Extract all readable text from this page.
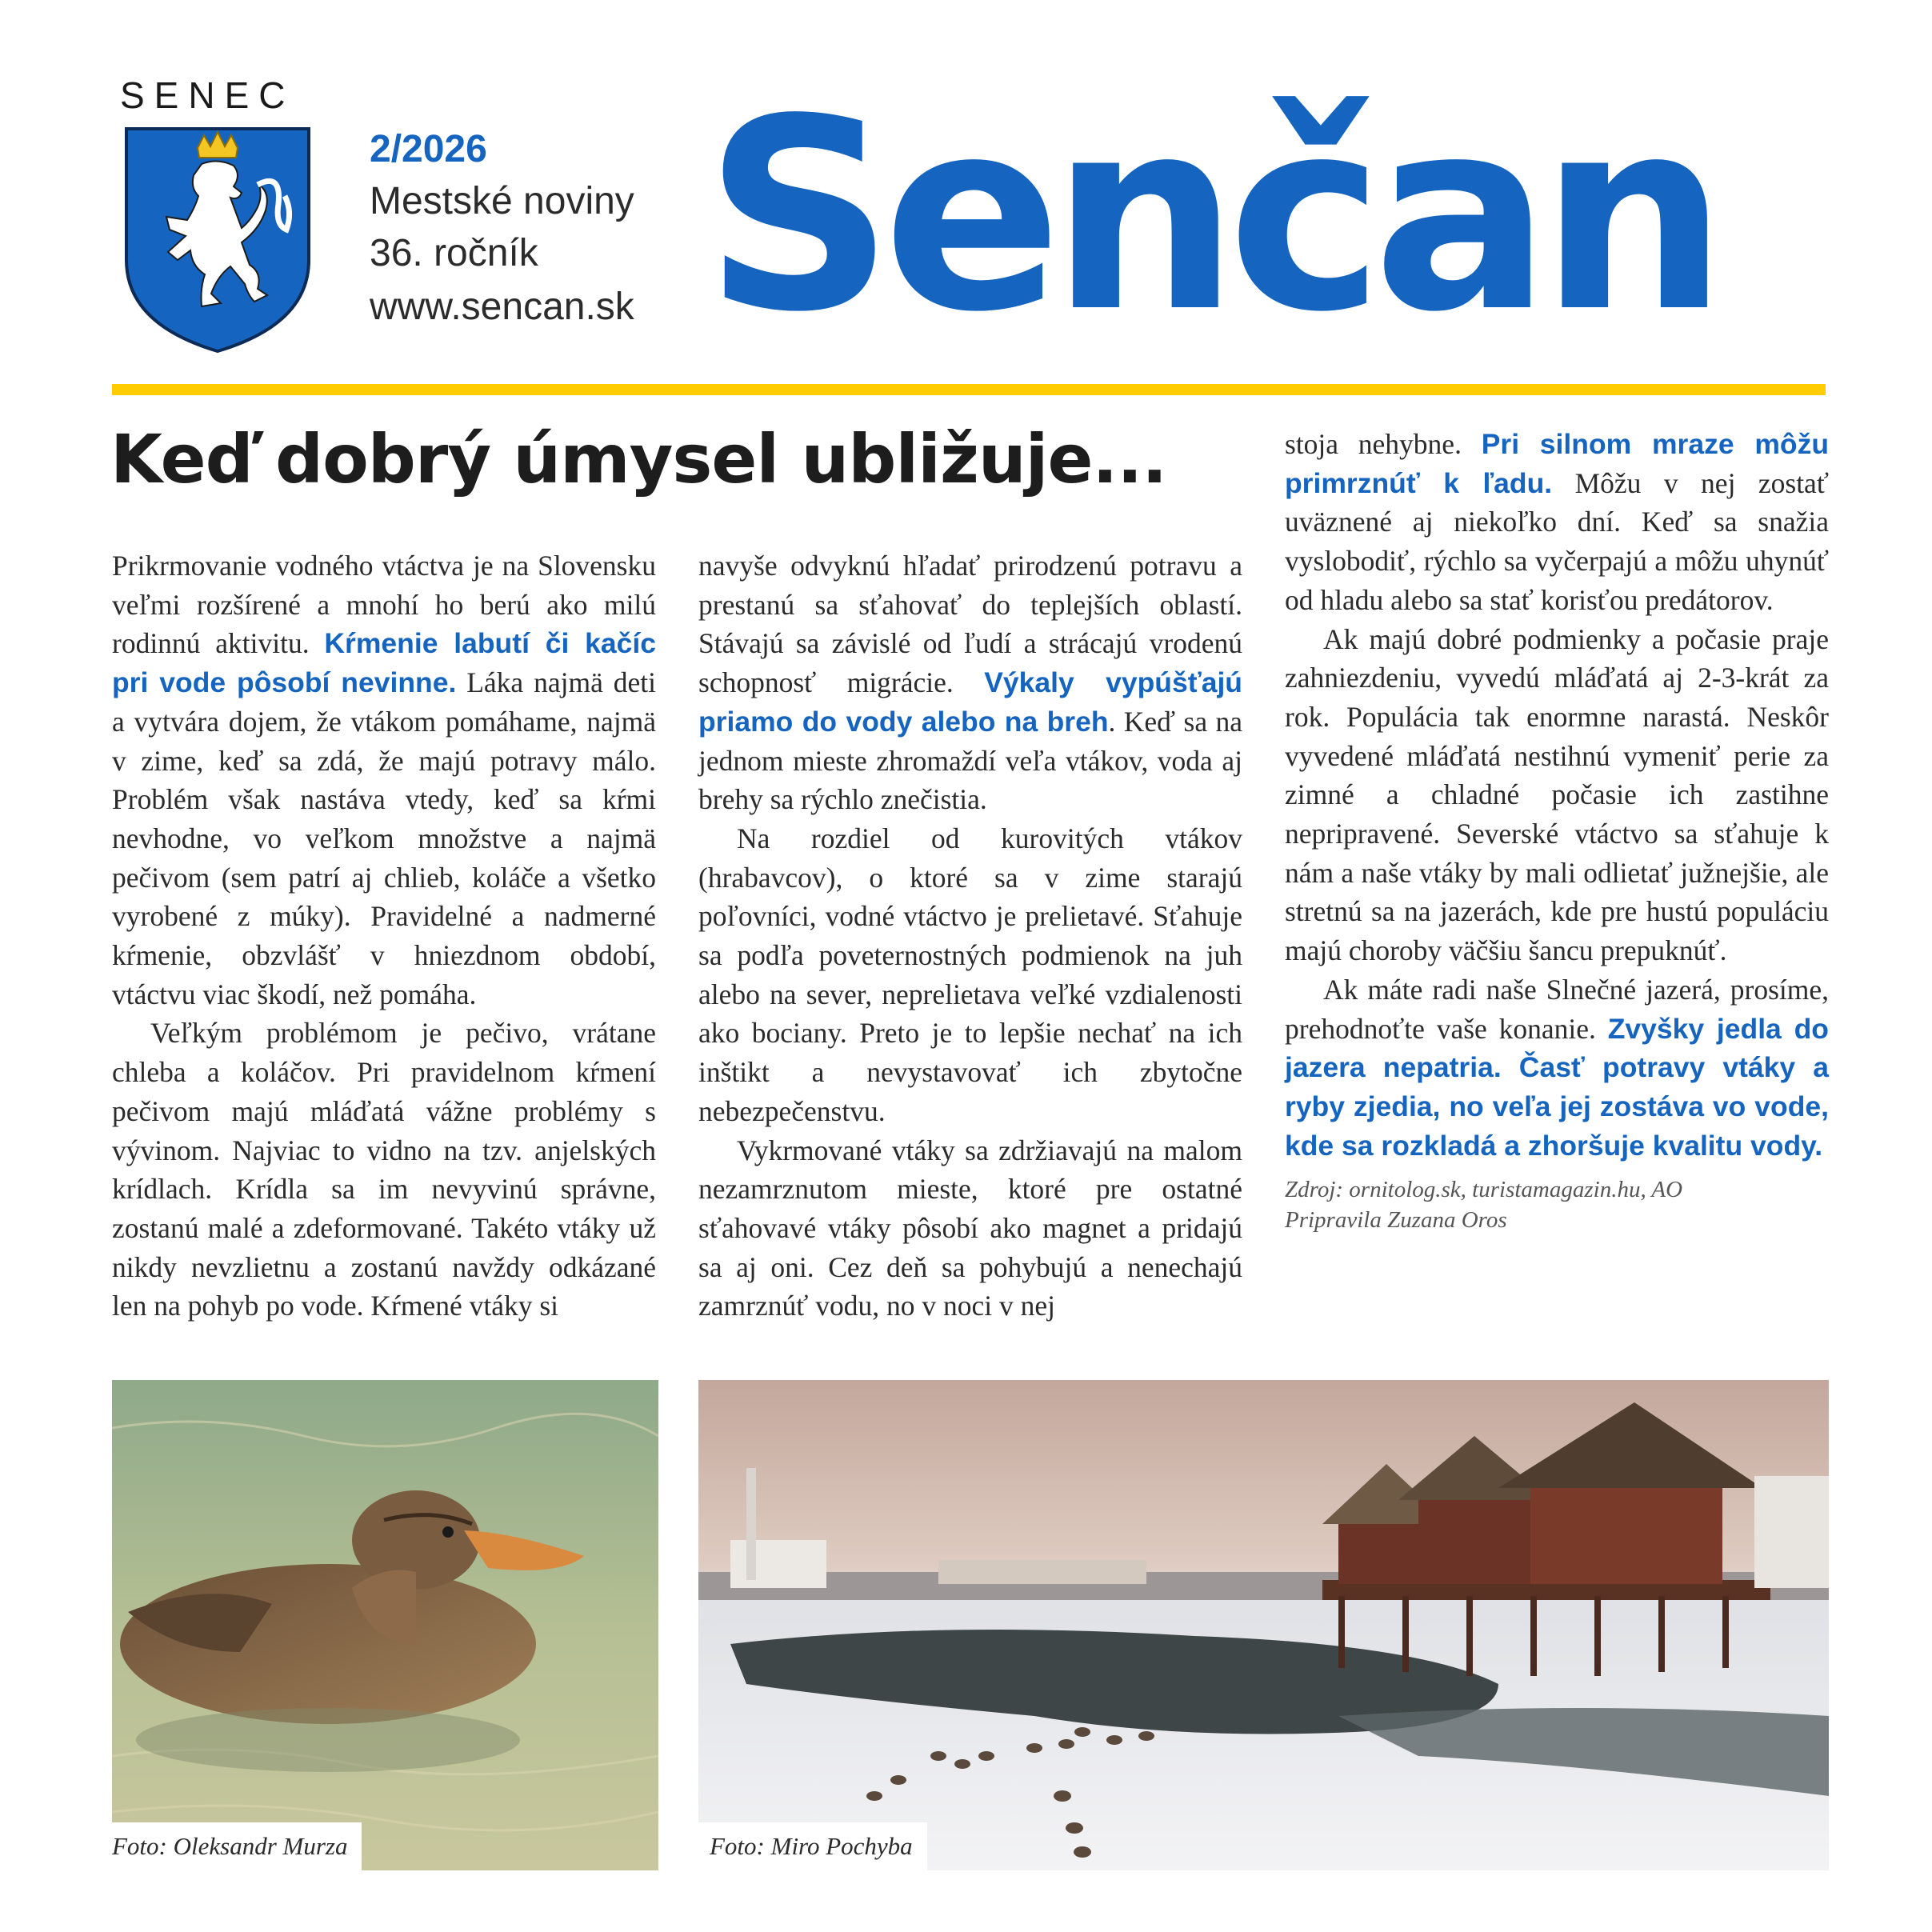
SENEC
2/2026
Mestské noviny
36. ročník
www.sencan.sk Senčan
Keď dobrý úmysel ubližuje...

Prikrmovanie vodného vtáctva je na Slovensku veľmi rozšírené a mnohí ho berú ako milú rodinnú aktivitu. Kŕmenie labutí či kačíc pri vode pôsobí nevinne. Láka najmä deti a vytvára dojem, že vtákom pomáhame, najmä v zime, keď sa zdá, že majú potravy málo. Problém však nastáva vtedy, keď sa kŕmi nevhodne, vo veľkom množstve a najmä pečivom (sem patrí aj chlieb, koláče a všetko vyrobené z múky). Pravidelné a nadmerné kŕmenie, obzvlášť v hniezdnom období, vtáctvu viac škodí, než pomáha.

Veľkým problémom je pečivo, vrátane chleba a koláčov. Pri pravidelnom kŕmení pečivom majú mláďatá vážne problémy s vývinom. Najviac to vidno na tzv. anjelských krídlach. Krídla sa im nevyvinú správne, zostanú malé a zdeformované. Takéto vtáky už nikdy nevzlietnu a zostanú navždy odkázané len na pohyb po vode. Kŕmené vtáky si

navyše odvyknú hľadať prirodzenú potravu a prestanú sa sťahovať do teplejších oblastí. Stávajú sa závislé od ľudí a strácajú vrodenú schopnosť migrácie. Výkaly vypúšťajú priamo do vody alebo na breh. Keď sa na jednom mieste zhromaždí veľa vtákov, voda aj brehy sa rýchlo znečistia.

Na rozdiel od kurovitých vtákov (hrabavcov), o ktoré sa v zime starajú poľovníci, vodné vtáctvo je prelietavé. Sťahuje sa podľa poveternostných podmienok na juh alebo na sever, neprelietava veľké vzdialenosti ako bociany. Preto je to lepšie nechať na ich inštikt a nevystavovať ich zbytočne nebezpečenstvu.

Vykrmované vtáky sa zdržiavajú na malom nezamrznutom mieste, ktoré pre ostatné sťahovavé vtáky pôsobí ako magnet a pridajú sa aj oni. Cez deň sa pohybujú a nenechajú zamrznúť vodu, no v noci v nej

stoja nehybne. Pri silnom mraze môžu primrznúť k ľadu. Môžu v nej zostať uväznené aj niekoľko dní. Keď sa snažia vyslobodiť, rýchlo sa vyčerpajú a môžu uhynúť od hladu alebo sa stať korisťou predátorov.

Ak majú dobré podmienky a počasie praje zahniezdeniu, vyvedú mláďatá aj 2-3-krát za rok. Populácia tak enormne narastá. Neskôr vyvedené mláďatá nestihnú vymeniť perie za zimné a chladné počasie ich zastihne nepripravené. Severské vtáctvo sa sťahuje k nám a naše vtáky by mali odlietať južnejšie, ale stretnú sa na jazerách, kde pre hustú populáciu majú choroby väčšiu šancu prepuknúť.

Ak máte radi naše Slnečné jazerá, prosíme, prehodnoťte vaše konanie. Zvyšky jedla do jazera nepatria. Časť potravy vtáky a ryby zjedia, no veľa jej zostáva vo vode, kde sa rozkladá a zhoršuje kvalitu vody.

Zdroj: ornitolog.sk, turistamagazin.hu, AO
Pripravila Zuzana Oros
Foto: Oleksandr Murza	Foto: Miro Pochyba
